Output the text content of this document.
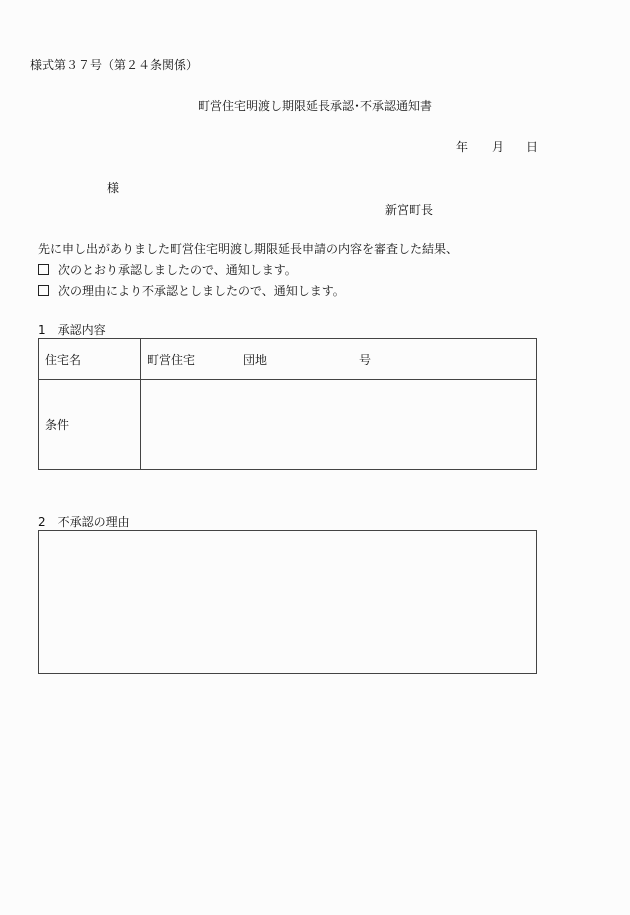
様式第３７号（第２４条関係）
町営住宅明渡し期限延長承認･不承認通知書
年 月 日
様
新宮町長
先に申し出がありました町営住宅明渡し期限延長申請の内容を審査した結果、
次のとおり承認しましたので、通知します。
次の理由により不承認としましたので、通知します。
1　承認内容
住宅名	町営住宅 団地 号
条件	
2　不承認の理由
